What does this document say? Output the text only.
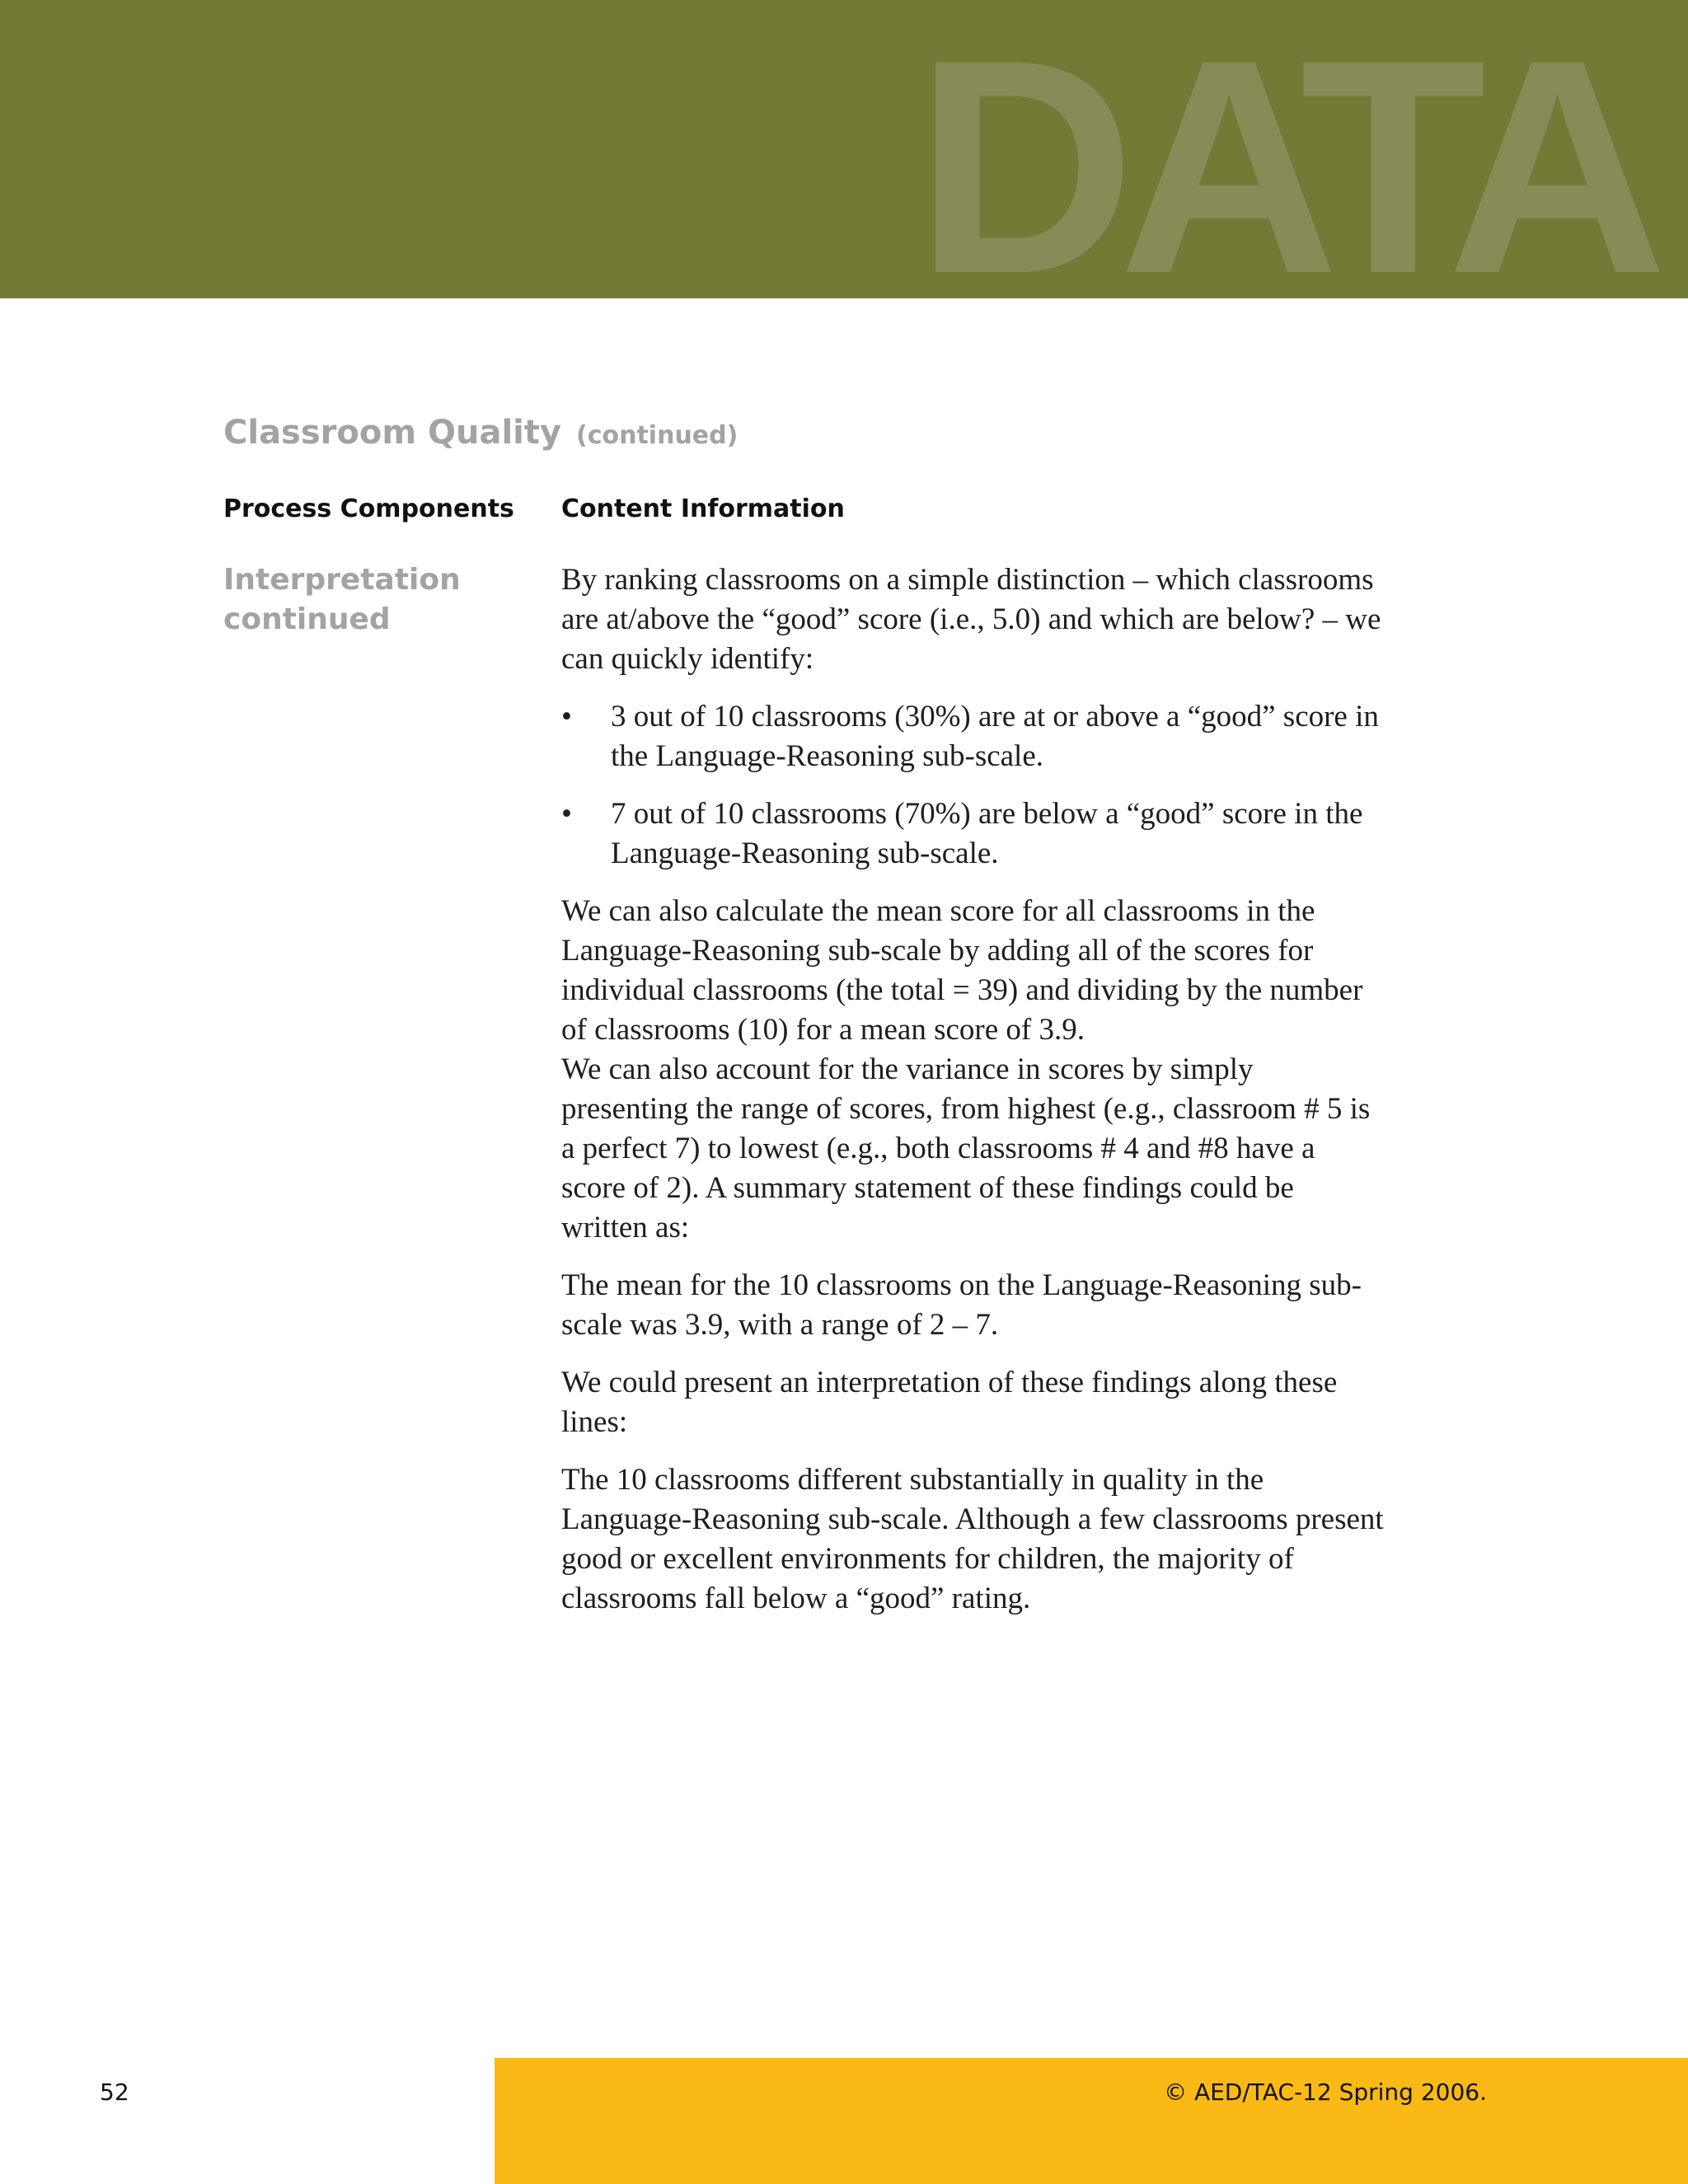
DATA
Classroom Quality (continued)
Process Components Content Information
Interpretation
continued

By ranking classrooms on a simple distinction – which classrooms are at/above the “good” score (i.e., 5.0) and which are below? – we can quickly identify:

• 3 out of 10 classrooms (30%) are at or above a “good” score in the Language-Reasoning sub-scale.
• 7 out of 10 classrooms (70%) are below a “good” score in the Language-Reasoning sub-scale.

We can also calculate the mean score for all classrooms in the Language-Reasoning sub-scale by adding all of the scores for individual classrooms (the total = 39) and dividing by the number of classrooms (10) for a mean score of 3.9.

We can also account for the variance in scores by simply presenting the range of scores, from highest (e.g., classroom # 5 is a perfect 7) to lowest (e.g., both classrooms # 4 and #8 have a score of 2). A summary statement of these findings could be written as:

The mean for the 10 classrooms on the Language-Reasoning sub-scale was 3.9, with a range of 2 – 7.

We could present an interpretation of these findings along these lines:

The 10 classrooms different substantially in quality in the Language-Reasoning sub-scale. Although a few classrooms present good or excellent environments for children, the majority of classrooms fall below a “good” rating.

52	© AED/TAC-12 Spring 2006.
